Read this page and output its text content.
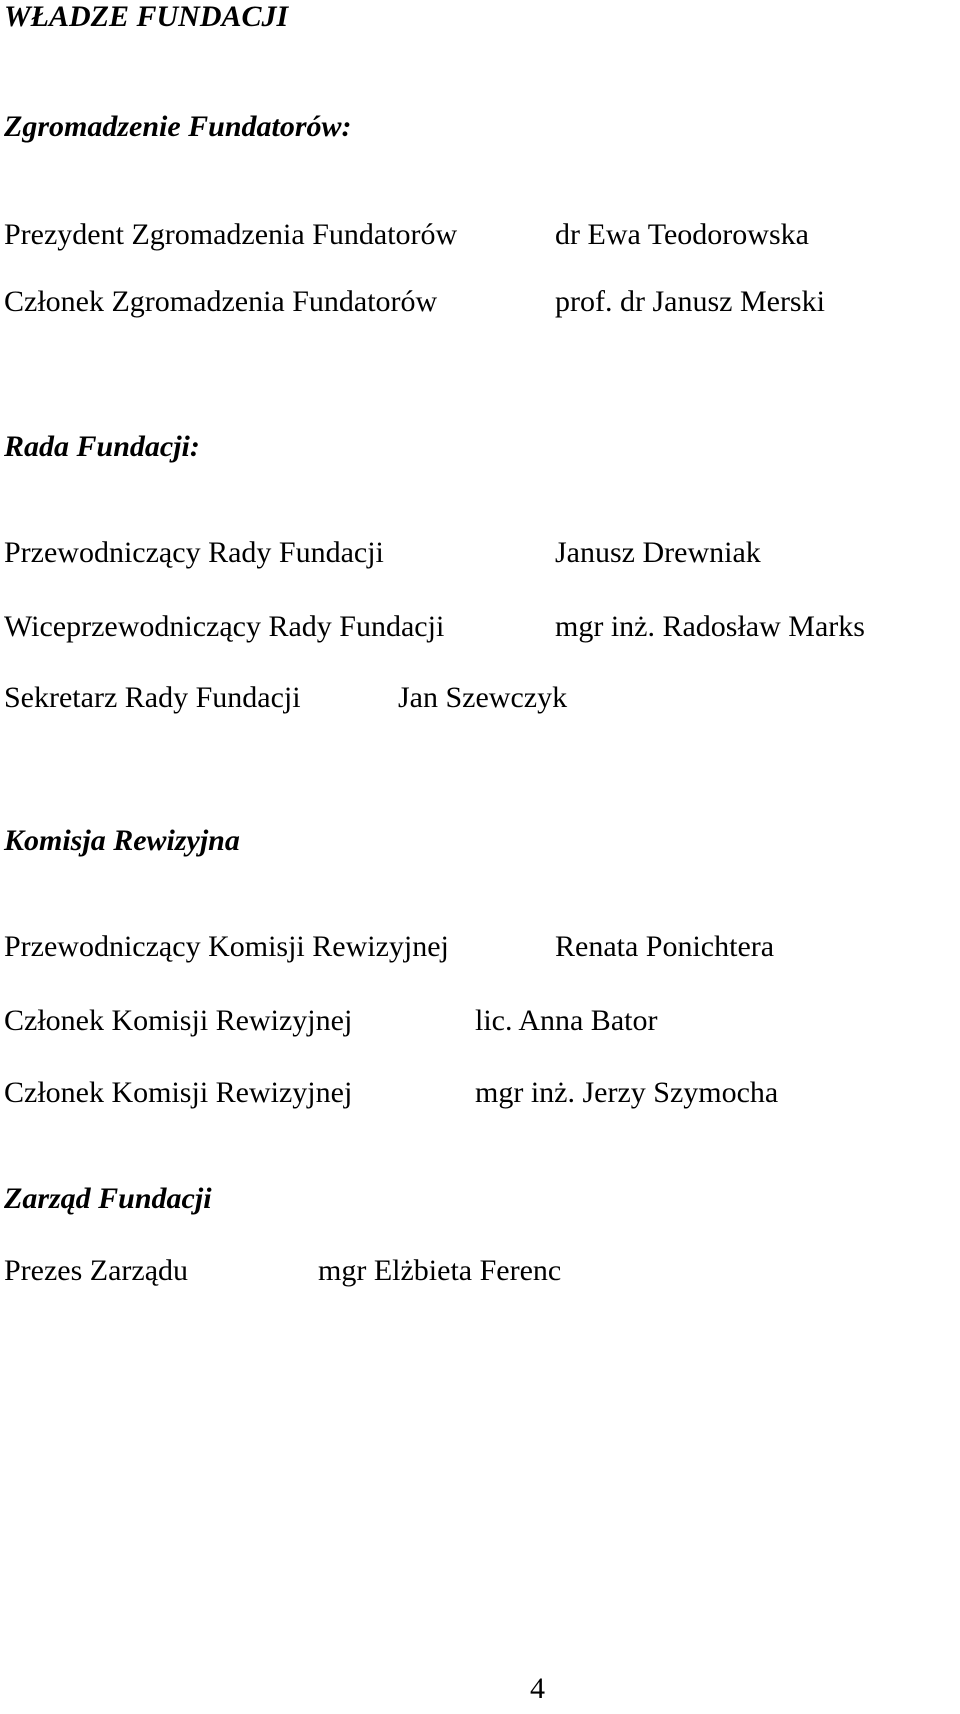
WŁADZE FUNDACJI
Zgromadzenie Fundatorów:
Prezydent Zgromadzenia Fundatorów	dr Ewa Teodorowska
Członek Zgromadzenia Fundatorów	prof. dr Janusz Merski
Rada Fundacji:
Przewodniczący Rady Fundacji	Janusz Drewniak
Wiceprzewodniczący Rady Fundacji	mgr inż. Radosław Marks
Sekretarz Rady Fundacji	Jan Szewczyk
Komisja Rewizyjna
Przewodniczący Komisji Rewizyjnej	Renata Ponichtera
Członek Komisji Rewizyjnej	lic. Anna Bator
Członek Komisji Rewizyjnej	mgr inż. Jerzy Szymocha
Zarząd Fundacji
Prezes Zarządu	mgr Elżbieta Ferenc
4
